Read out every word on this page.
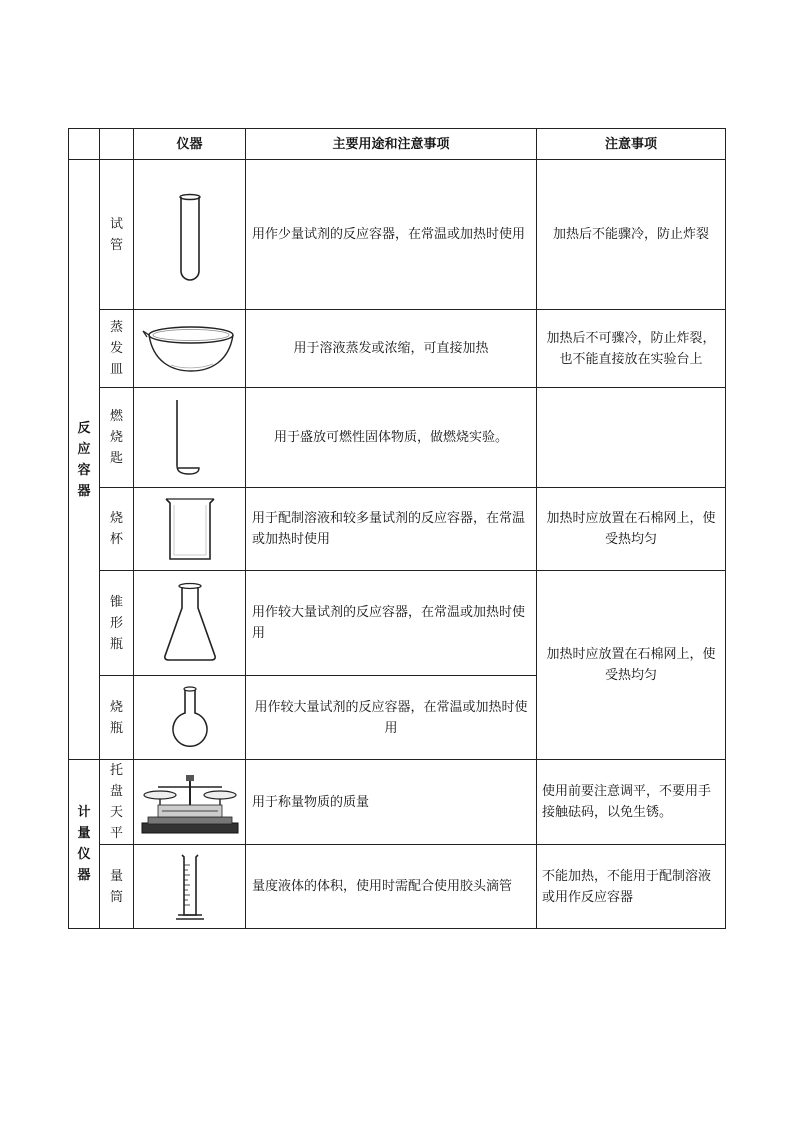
		仪器	主要用途和注意事项	注意事项

反应容器	试管		用作少量试剂的反应容器，在常温或加热时使用	加热后不能骤冷，防止炸裂

	蒸发皿		用于溶液蒸发或浓缩，可直接加热	加热后不可骤冷，防止炸裂，也不能直接放在实验台上

	燃烧匙		用于盛放可燃性固体物质，做燃烧实验。	

	烧杯		用于配制溶液和较多量试剂的反应容器，在常温或加热时使用	加热时应放置在石棉网上，使受热均匀

	锥形瓶		用作较大量试剂的反应容器，在常温或加热时使用	加热时应放置在石棉网上，使受热均匀

	烧瓶		用作较大量试剂的反应容器，在常温或加热时使用	

计量仪器	托盘天平		用于称量物质的质量	使用前要注意调平，不要用手接触砝码，以免生锈。

	量筒		量度液体的体积，使用时需配合使用胶头滴管	不能加热，不能用于配制溶液或用作反应容器
